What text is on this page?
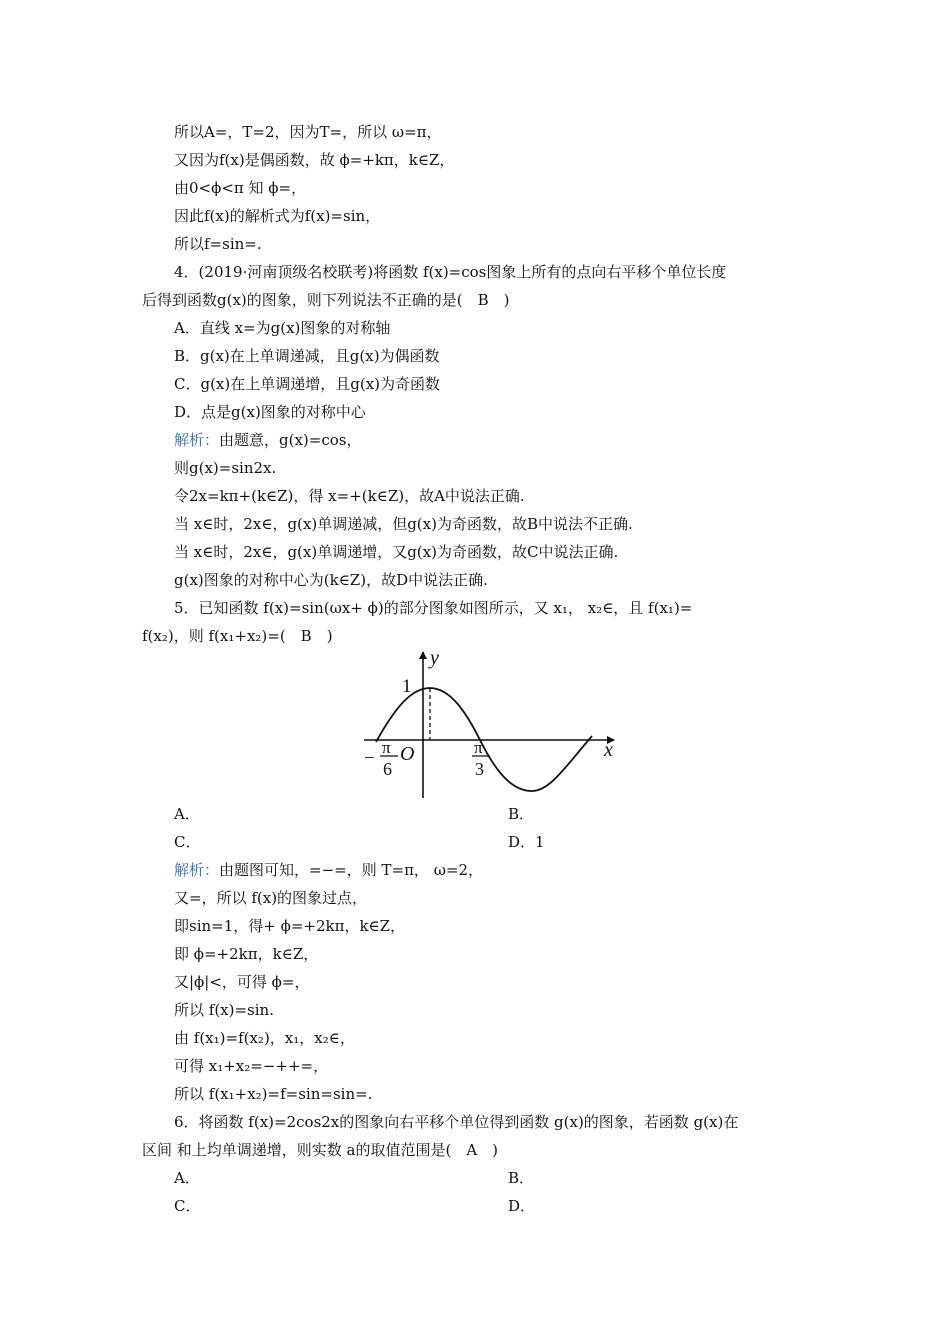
所以A=，T=2，因为T=，所以 ω=π，
又因为f(x)是偶函数，故 ϕ=+kπ，k∈Z，
由0<ϕ<π 知 ϕ=，
因此f(x)的解析式为f(x)=sin，
所以f=sin=.
4．(2019·河南顶级名校联考)将函数 f(x)=cos图象上所有的点向右平移个单位长度
后得到函数g(x)的图象，则下列说法不正确的是(　B　)
A．直线 x=为g(x)图象的对称轴
B．g(x)在上单调递减，且g(x)为偶函数
C．g(x)在上单调递增，且g(x)为奇函数
D．点是g(x)图象的对称中心
解析：由题意，g(x)=cos，
则g(x)=sin2x.
令2x=kπ+(k∈Z)，得 x=+(k∈Z)，故A中说法正确.
当 x∈时，2x∈，g(x)单调递减，但g(x)为奇函数，故B中说法不正确.
当 x∈时，2x∈，g(x)单调递增，又g(x)为奇函数，故C中说法正确.
g(x)图象的对称中心为(k∈Z)，故D中说法正确.
5．已知函数 f(x)=sin(ωx+ ϕ)的部分图象如图所示，又 x₁， x₂∈，且 f(x₁)=
f(x₂)，则 f(x₁+x₂)=(　B　)
y
x
1
O
−
π
6
π
3
A．	B．
C．	D．1
解析：由题图可知，=−=，则 T=π， ω=2，
又=，所以 f(x)的图象过点，
即sin=1，得+ ϕ=+2kπ，k∈Z，
即 ϕ=+2kπ，k∈Z，
又|ϕ|<，可得 ϕ=，
所以 f(x)=sin.
由 f(x₁)=f(x₂)，x₁，x₂∈，
可得 x₁+x₂=−++=，
所以 f(x₁+x₂)=f=sin=sin=.
6．将函数 f(x)=2cos2x的图象向右平移个单位得到函数 g(x)的图象，若函数 g(x)在
区间 和上均单调递增，则实数 a的取值范围是(　A　)
A．	B．
C．	D．
